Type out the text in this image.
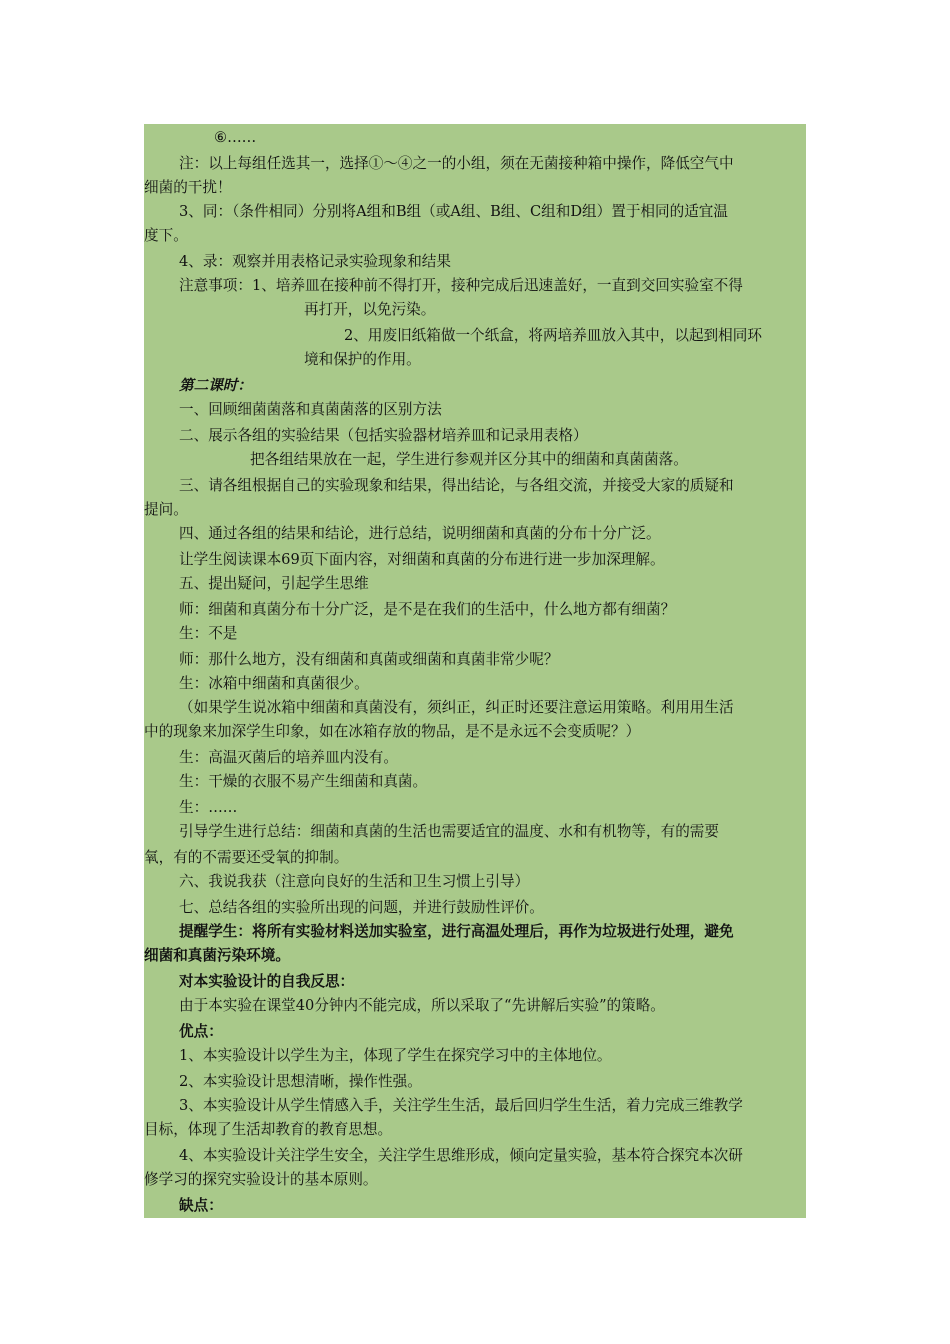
⑥……
注：以上每组任选其一，选择①～④之一的小组，须在无菌接种箱中操作，降低空气中
细菌的干扰！
3、同：（条件相同）分别将A组和B组（或A组、B组、C组和D组）置于相同的适宜温
度下。
4、录：观察并用表格记录实验现象和结果
注意事项：1、培养皿在接种前不得打开，接种完成后迅速盖好，一直到交回实验室不得
再打开，以免污染。
2、用废旧纸箱做一个纸盒，将两培养皿放入其中，以起到相同环
境和保护的作用。
第二课时：
一、回顾细菌菌落和真菌菌落的区别方法
二、展示各组的实验结果（包括实验器材培养皿和记录用表格）
把各组结果放在一起，学生进行参观并区分其中的细菌和真菌菌落。
三、请各组根据自己的实验现象和结果，得出结论，与各组交流，并接受大家的质疑和
提问。
四、通过各组的结果和结论，进行总结，说明细菌和真菌的分布十分广泛。
让学生阅读课本69页下面内容，对细菌和真菌的分布进行进一步加深理解。
五、提出疑问，引起学生思维
师：细菌和真菌分布十分广泛，是不是在我们的生活中，什么地方都有细菌？
生：不是
师：那什么地方，没有细菌和真菌或细菌和真菌非常少呢？
生：冰箱中细菌和真菌很少。
（如果学生说冰箱中细菌和真菌没有，须纠正，纠正时还要注意运用策略。利用用生活
中的现象来加深学生印象，如在冰箱存放的物品，是不是永远不会变质呢？）
生：高温灭菌后的培养皿内没有。
生：干燥的衣服不易产生细菌和真菌。
生：……
引导学生进行总结：细菌和真菌的生活也需要适宜的温度、水和有机物等，有的需要
氧，有的不需要还受氧的抑制。
六、我说我获（注意向良好的生活和卫生习惯上引导）
七、总结各组的实验所出现的问题，并进行鼓励性评价。
提醒学生：将所有实验材料送加实验室，进行高温处理后，再作为垃圾进行处理，避免
细菌和真菌污染环境。
对本实验设计的自我反思：
由于本实验在课堂40分钟内不能完成，所以采取了“先讲解后实验”的策略。
优点：
1、本实验设计以学生为主，体现了学生在探究学习中的主体地位。
2、本实验设计思想清晰，操作性强。
3、本实验设计从学生情感入手，关注学生生活，最后回归学生生活，着力完成三维教学
目标，体现了生活却教育的教育思想。
4、本实验设计关注学生安全，关注学生思维形成，倾向定量实验，基本符合探究本次研
修学习的探究实验设计的基本原则。
缺点：
